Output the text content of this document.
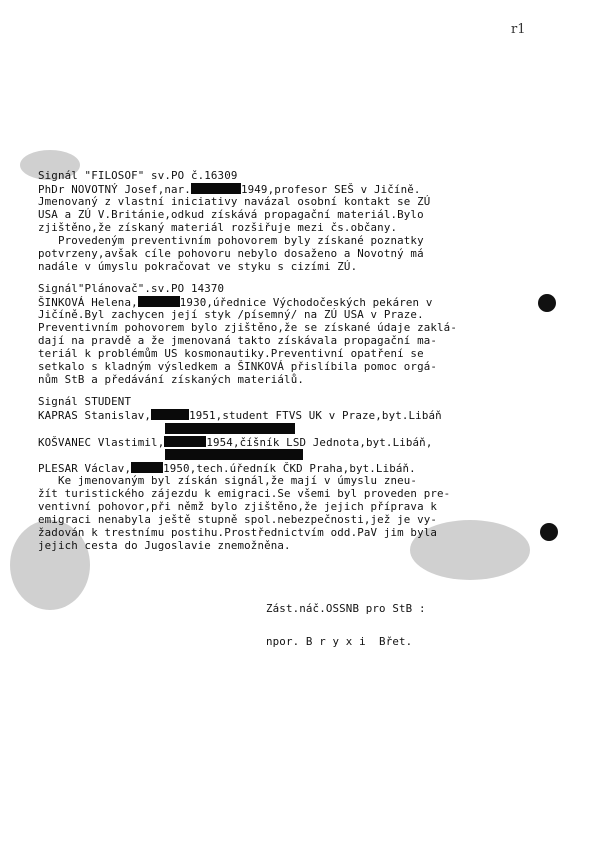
r1
Signál "FILOSOF" sv.PO č.16309
PhDr NOVOTNÝ Josef,nar.	1949,profesor SEŠ v Jičíně.
Jmenovaný z vlastní iniciativy navázal osobní kontakt se ZÚ
USA a ZÚ V.Británie,odkud získává propagační materiál.Bylo
zjištěno,že získaný materiál rozšiřuje mezi čs.občany.
Provedeným preventivním pohovorem byly získané poznatky
potvrzeny,avšak cíle pohovoru nebylo dosaženo a Novotný má
nadále v úmyslu pokračovat ve styku s cizími ZÚ.
Signál"Plánovač".sv.PO 14370
ŠINKOVÁ Helena,	1930,úřednice Východočeských pekáren v
Jičíně.Byl zachycen její styk /písemný/ na ZÚ USA v Praze.
Preventivním pohovorem bylo zjištěno,že se získané údaje zaklá-
dají na pravdě a že jmenovaná takto získávala propagační ma-
teriál k problémům US kosmonautiky.Preventivní opatření se
setkalo s kladným výsledkem a ŠINKOVÁ přislíbila pomoc orgá-
nům StB a předávání získaných materiálů.
Signál STUDENT
KAPRAS Stanislav,	1951,student FTVS UK v Praze,byt.Libáň
KOŠVANEC Vlastimil,	1954,číšník LSD Jednota,byt.Libáň,
PLESAR Václav,	1950,tech.úředník ČKD Praha,byt.Libáň.
Ke jmenovaným byl získán signál,že mají v úmyslu zneu-
žít turistického zájezdu k emigraci.Se všemi byl proveden pre-
ventivní pohovor,při němž bylo zjištěno,že jejich příprava k
emigraci nenabyla ještě stupně spol.nebezpečnosti,jež je vy-
žadován k trestnímu postihu.Prostřednictvím odd.PaV jim byla
jejich cesta do Jugoslavie znemožněna.
Zást.náč.OSSNB pro StB :
npor. B r y x i  Břet.
